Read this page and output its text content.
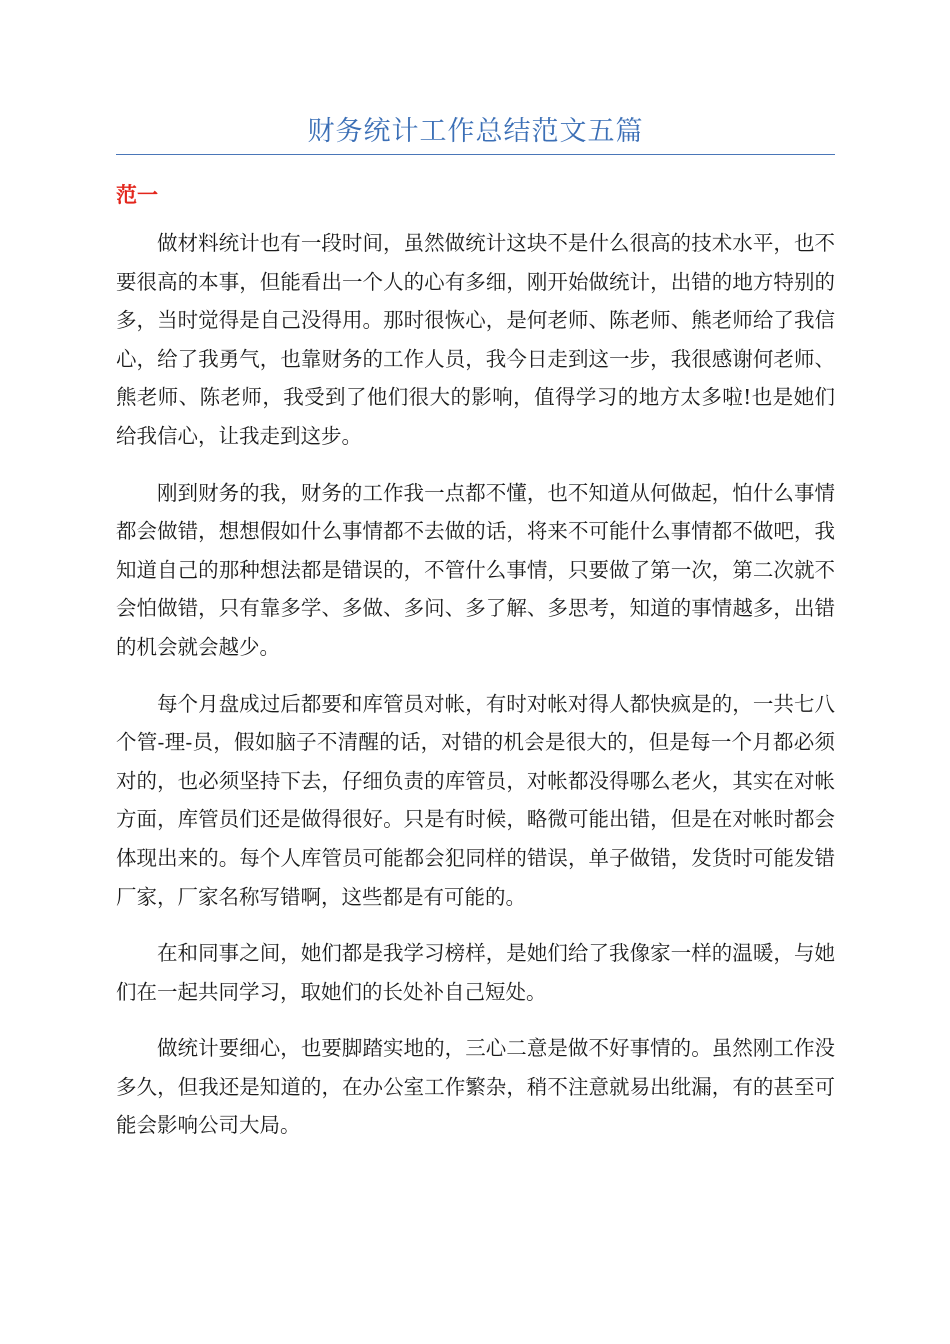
财务统计工作总结范文五篇
范一

做材料统计也有一段时间，虽然做统计这块不是什么很高的技术水平，也不要很高的本事，但能看出一个人的心有多细，刚开始做统计，出错的地方特别的多，当时觉得是自己没得用。那时很恢心，是何老师、陈老师、熊老师给了我信心，给了我勇气，也靠财务的工作人员，我今日走到这一步，我很感谢何老师、熊老师、陈老师，我受到了他们很大的影响，值得学习的地方太多啦!也是她们给我信心，让我走到这步。

刚到财务的我，财务的工作我一点都不懂，也不知道从何做起，怕什么事情都会做错，想想假如什么事情都不去做的话，将来不可能什么事情都不做吧，我知道自己的那种想法都是错误的，不管什么事情，只要做了第一次，第二次就不会怕做错，只有靠多学、多做、多问、多了解、多思考，知道的事情越多，出错的机会就会越少。

每个月盘成过后都要和库管员对帐，有时对帐对得人都快疯是的，一共七八个管-理-员，假如脑子不清醒的话，对错的机会是很大的，但是每一个月都必须对的，也必须坚持下去，仔细负责的库管员，对帐都没得哪么老火，其实在对帐方面，库管员们还是做得很好。只是有时候，略微可能出错，但是在对帐时都会体现出来的。每个人库管员可能都会犯同样的错误，单子做错，发货时可能发错厂家，厂家名称写错啊，这些都是有可能的。

在和同事之间，她们都是我学习榜样，是她们给了我像家一样的温暖，与她们在一起共同学习，取她们的长处补自己短处。

做统计要细心，也要脚踏实地的，三心二意是做不好事情的。虽然刚工作没多久，但我还是知道的，在办公室工作繁杂，稍不注意就易出纰漏，有的甚至可能会影响公司大局。
